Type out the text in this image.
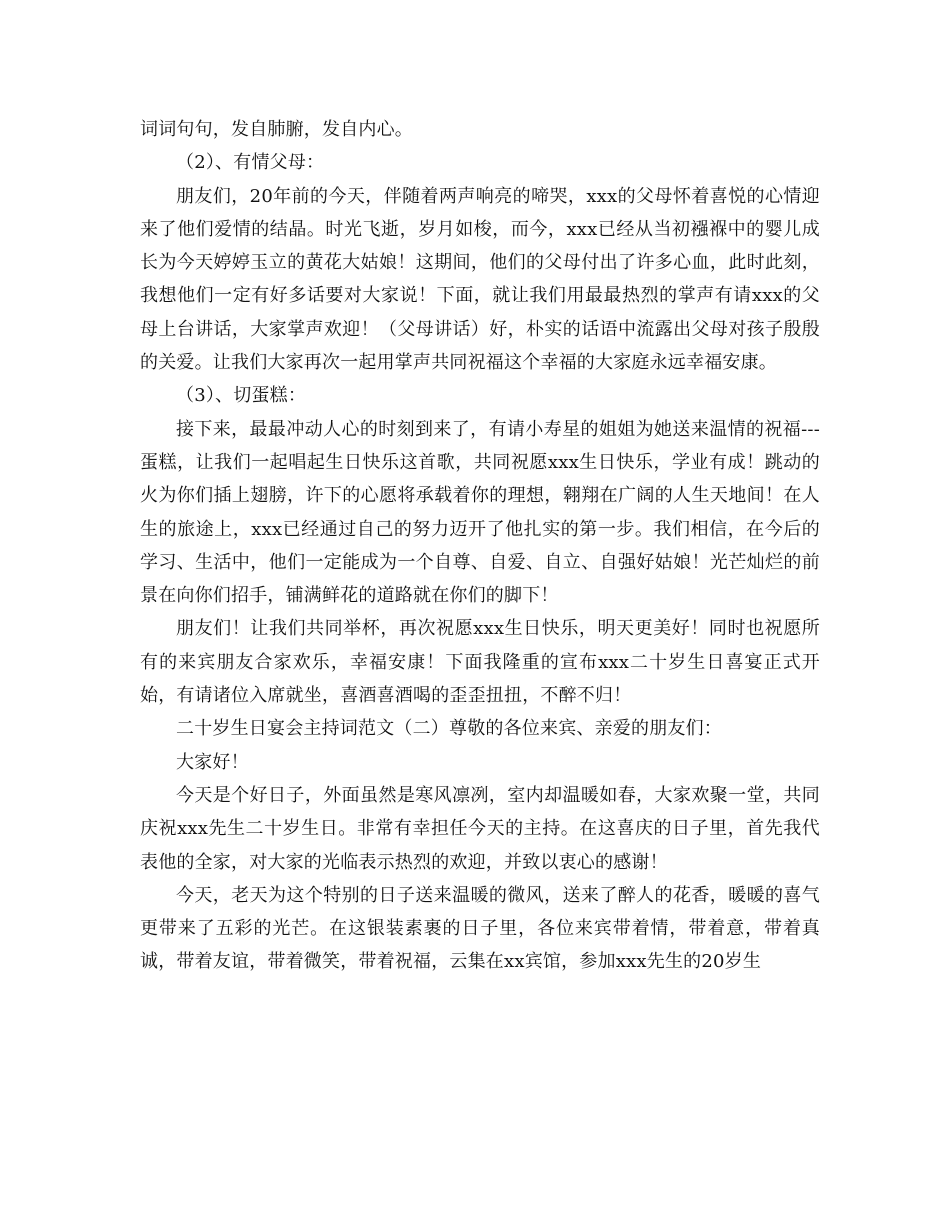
词词句句，发自肺腑，发自内心。

（2）、有情父母：

朋友们，20年前的今天，伴随着两声响亮的啼哭，xxx的父母怀着喜悦的心情迎来了他们爱情的结晶。时光飞逝，岁月如梭，而今，xxx已经从当初襁褓中的婴儿成长为今天婷婷玉立的黄花大姑娘！这期间，他们的父母付出了许多心血，此时此刻，我想他们一定有好多话要对大家说！下面，就让我们用最最热烈的掌声有请xxx的父母上台讲话，大家掌声欢迎！（父母讲话）好，朴实的话语中流露出父母对孩子殷殷的关爱。让我们大家再次一起用掌声共同祝福这个幸福的大家庭永远幸福安康。

（3）、切蛋糕：

接下来，最最冲动人心的时刻到来了，有请小寿星的姐姐为她送来温情的祝福---蛋糕，让我们一起唱起生日快乐这首歌，共同祝愿xxx生日快乐，学业有成！跳动的火为你们插上翅膀，许下的心愿将承载着你的理想，翱翔在广阔的人生天地间！在人生的旅途上，xxx已经通过自己的努力迈开了他扎实的第一步。我们相信，在今后的学习、生活中，他们一定能成为一个自尊、自爱、自立、自强好姑娘！光芒灿烂的前景在向你们招手，铺满鲜花的道路就在你们的脚下！

朋友们！让我们共同举杯，再次祝愿xxx生日快乐，明天更美好！同时也祝愿所有的来宾朋友合家欢乐，幸福安康！下面我隆重的宣布xxx二十岁生日喜宴正式开始，有请诸位入席就坐，喜酒喜酒喝的歪歪扭扭，不醉不归！

二十岁生日宴会主持词范文（二）尊敬的各位来宾、亲爱的朋友们：

大家好！

今天是个好日子，外面虽然是寒风凛冽，室内却温暖如春，大家欢聚一堂，共同庆祝xxx先生二十岁生日。非常有幸担任今天的主持。在这喜庆的日子里，首先我代表他的全家，对大家的光临表示热烈的欢迎，并致以衷心的感谢！

今天，老天为这个特别的日子送来温暖的微风，送来了醉人的花香，暖暖的喜气更带来了五彩的光芒。在这银装素裹的日子里，各位来宾带着情，带着意，带着真诚，带着友谊，带着微笑，带着祝福，云集在xx宾馆，参加xxx先生的20岁生
